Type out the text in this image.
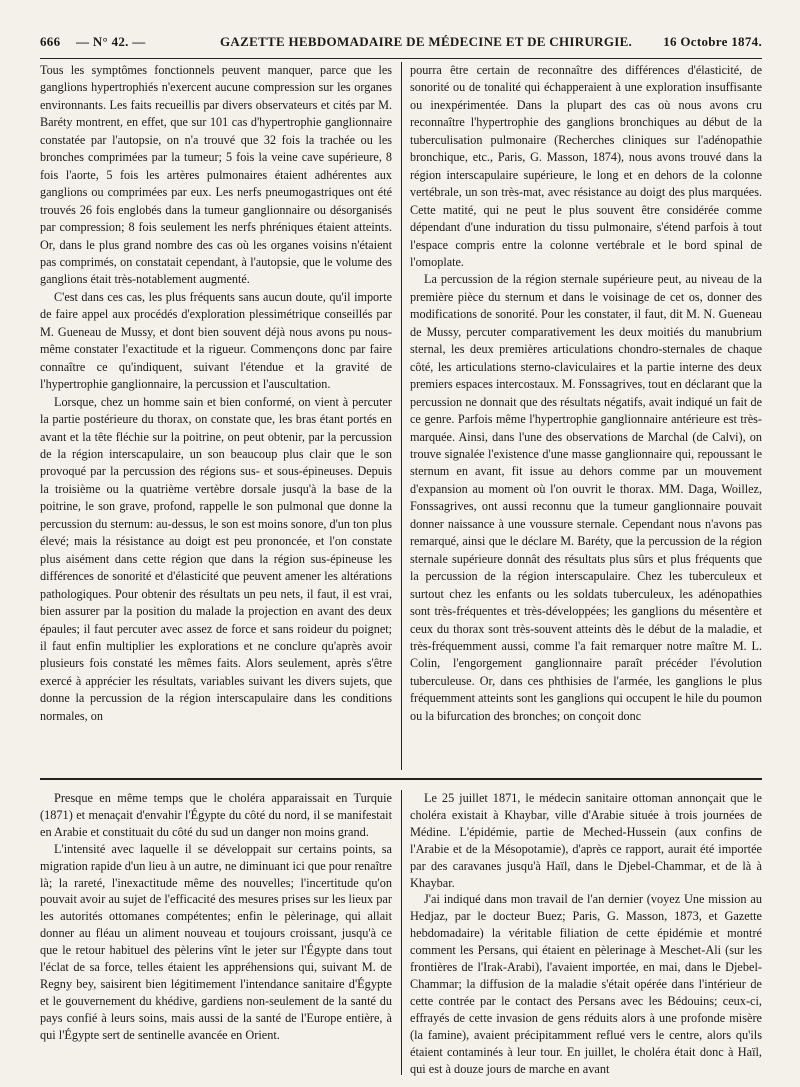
666 — N° 42. —	GAZETTE HEBDOMADAIRE DE MÉDECINE ET DE CHIRURGIE. 16 Octobre 1874.

Tous les symptômes fonctionnels peuvent manquer, parce que les ganglions hypertrophiés n'exercent aucune compression sur les organes environnants. Les faits recueillis par divers observateurs et cités par M. Baréty montrent, en effet, que sur 101 cas d'hypertrophie ganglionnaire constatée par l'autopsie, on n'a trouvé que 32 fois la trachée ou les bronches comprimées par la tumeur; 5 fois la veine cave supérieure, 8 fois l'aorte, 5 fois les artères pulmonaires étaient adhérentes aux ganglions ou comprimées par eux. Les nerfs pneumogastriques ont été trouvés 26 fois englobés dans la tumeur ganglionnaire ou désorganisés par compression; 8 fois seulement les nerfs phréniques étaient atteints. Or, dans le plus grand nombre des cas où les organes voisins n'étaient pas comprimés, on constatait cependant, à l'autopsie, que le volume des ganglions était très-notablement augmenté.

C'est dans ces cas, les plus fréquents sans aucun doute, qu'il importe de faire appel aux procédés d'exploration plessimétrique conseillés par M. Gueneau de Mussy, et dont bien souvent déjà nous avons pu nous-même constater l'exactitude et la rigueur. Commençons donc par faire connaître ce qu'indiquent, suivant l'étendue et la gravité de l'hypertrophie ganglionnaire, la percussion et l'auscultation.

Lorsque, chez un homme sain et bien conformé, on vient à percuter la partie postérieure du thorax, on constate que, les bras étant portés en avant et la tête fléchie sur la poitrine, on peut obtenir, par la percussion de la région interscapulaire, un son beaucoup plus clair que le son provoqué par la percussion des régions sus- et sous-épineuses. Depuis la troisième ou la quatrième vertèbre dorsale jusqu'à la base de la poitrine, le son grave, profond, rappelle le son pulmonal que donne la percussion du sternum: au-dessus, le son est moins sonore, d'un ton plus élevé; mais la résistance au doigt est peu prononcée, et l'on constate plus aisément dans cette région que dans la région sus-épineuse les différences de sonorité et d'élasticité que peuvent amener les altérations pathologiques. Pour obtenir des résultats un peu nets, il faut, il est vrai, bien assurer par la position du malade la projection en avant des deux épaules; il faut percuter avec assez de force et sans roideur du poignet; il faut enfin multiplier les explorations et ne conclure qu'après avoir plusieurs fois constaté les mêmes faits. Alors seulement, après s'être exercé à apprécier les résultats, variables suivant les divers sujets, que donne la percussion de la région interscapulaire dans les conditions normales, on

pourra être certain de reconnaître des différences d'élasticité, de sonorité ou de tonalité qui échapperaient à une exploration insuffisante ou inexpérimentée. Dans la plupart des cas où nous avons cru reconnaître l'hypertrophie des ganglions bronchiques au début de la tuberculisation pulmonaire (Recherches cliniques sur l'adénopathie bronchique, etc., Paris, G. Masson, 1874), nous avons trouvé dans la région interscapulaire supérieure, le long et en dehors de la colonne vertébrale, un son très-mat, avec résistance au doigt des plus marquées. Cette matité, qui ne peut le plus souvent être considérée comme dépendant d'une induration du tissu pulmonaire, s'étend parfois à tout l'espace compris entre la colonne vertébrale et le bord spinal de l'omoplate.

La percussion de la région sternale supérieure peut, au niveau de la première pièce du sternum et dans le voisinage de cet os, donner des modifications de sonorité. Pour les constater, il faut, dit M. N. Gueneau de Mussy, percuter comparativement les deux moitiés du manubrium sternal, les deux premières articulations chondro-sternales de chaque côté, les articulations sterno-claviculaires et la partie interne des deux premiers espaces intercostaux. M. Fonssagrives, tout en déclarant que la percussion ne donnait que des résultats négatifs, avait indiqué un fait de ce genre. Parfois même l'hypertrophie ganglionnaire antérieure est très-marquée. Ainsi, dans l'une des observations de Marchal (de Calvi), on trouve signalée l'existence d'une masse ganglionnaire qui, repoussant le sternum en avant, fit issue au dehors comme par un mouvement d'expansion au moment où l'on ouvrit le thorax. MM. Daga, Woillez, Fonssagrives, ont aussi reconnu que la tumeur ganglionnaire pouvait donner naissance à une voussure sternale. Cependant nous n'avons pas remarqué, ainsi que le déclare M. Baréty, que la percussion de la région sternale supérieure donnât des résultats plus sûrs et plus fréquents que la percussion de la région interscapulaire. Chez les tuberculeux et surtout chez les enfants ou les soldats tuberculeux, les adénopathies sont très-fréquentes et très-développées; les ganglions du mésentère et ceux du thorax sont très-souvent atteints dès le début de la maladie, et très-fréquemment aussi, comme l'a fait remarquer notre maître M. L. Colin, l'engorgement ganglionnaire paraît précéder l'évolution tuberculeuse. Or, dans ces phthisies de l'armée, les ganglions le plus fréquemment atteints sont les ganglions qui occupent le hile du poumon ou la bifurcation des bronches; on conçoit donc

Presque en même temps que le choléra apparaissait en Turquie (1871) et menaçait d'envahir l'Égypte du côté du nord, il se manifestait en Arabie et constituait du côté du sud un danger non moins grand.

L'intensité avec laquelle il se développait sur certains points, sa migration rapide d'un lieu à un autre, ne diminuant ici que pour renaître là; la rareté, l'inexactitude même des nouvelles; l'incertitude qu'on pouvait avoir au sujet de l'efficacité des mesures prises sur les lieux par les autorités ottomanes compétentes; enfin le pèlerinage, qui allait donner au fléau un aliment nouveau et toujours croissant, jusqu'à ce que le retour habituel des pèlerins vînt le jeter sur l'Égypte dans tout l'éclat de sa force, telles étaient les appréhensions qui, suivant M. de Regny bey, saisirent bien légitimement l'intendance sanitaire d'Égypte et le gouvernement du khédive, gardiens non-seulement de la santé du pays confié à leurs soins, mais aussi de la santé de l'Europe entière, à qui l'Égypte sert de sentinelle avancée en Orient.

Le 25 juillet 1871, le médecin sanitaire ottoman annonçait que le choléra existait à Khaybar, ville d'Arabie située à trois journées de Médine. L'épidémie, partie de Meched-Hussein (aux confins de l'Arabie et de la Mésopotamie), d'après ce rapport, aurait été importée par des caravanes jusqu'à Haïl, dans le Djebel-Chammar, et de là à Khaybar.

J'ai indiqué dans mon travail de l'an dernier (voyez Une mission au Hedjaz, par le docteur Buez; Paris, G. Masson, 1873, et Gazette hebdomadaire) la véritable filiation de cette épidémie et montré comment les Persans, qui étaient en pèlerinage à Meschet-Ali (sur les frontières de l'Irak-Arabi), l'avaient importée, en mai, dans le Djebel-Chammar; la diffusion de la maladie s'était opérée dans l'intérieur de cette contrée par le contact des Persans avec les Bédouins; ceux-ci, effrayés de cette invasion de gens réduits alors à une profonde misère (la famine), avaient précipitamment reflué vers le centre, alors qu'ils étaient contaminés à leur tour. En juillet, le choléra était donc à Haïl, qui est à douze jours de marche en avant
